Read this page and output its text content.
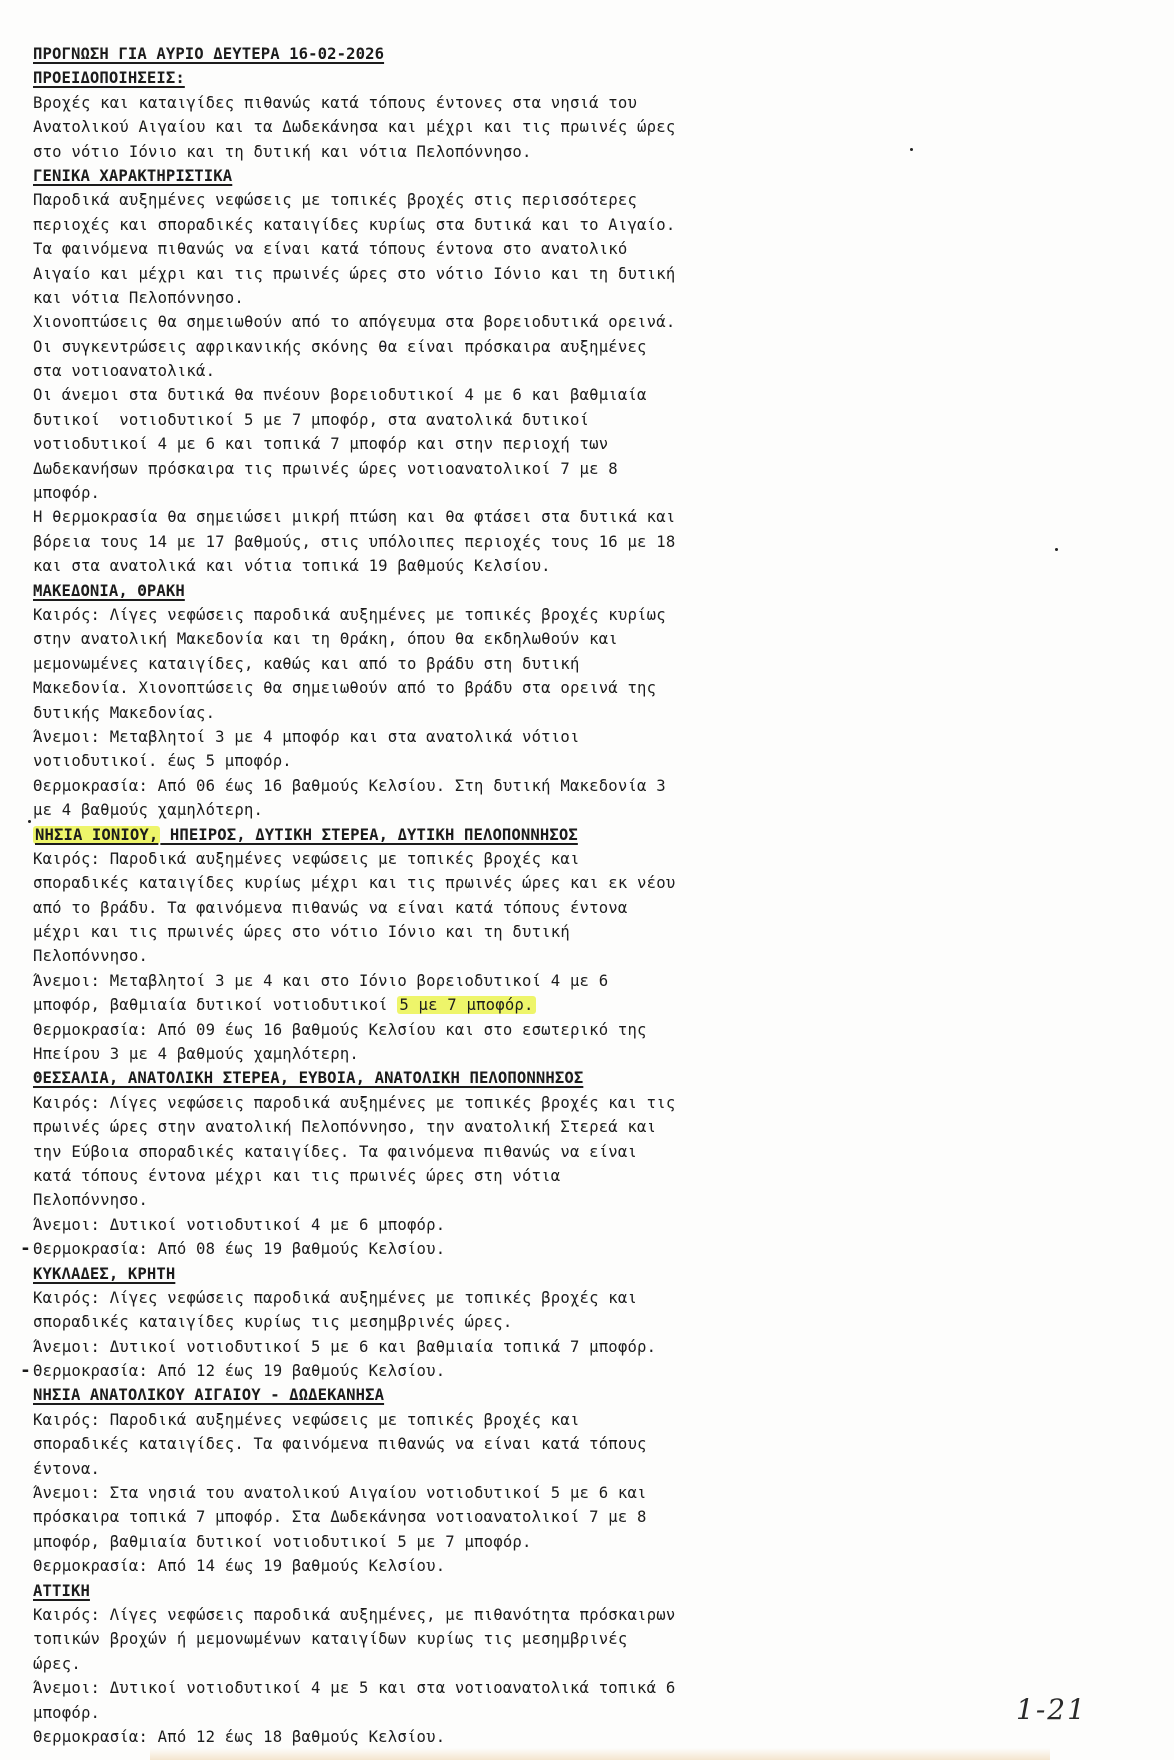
ΠΡΟΓΝΩΣΗ ΓΙΑ ΑΥΡΙΟ ΔΕΥΤΕΡΑ 16-02-2026
ΠΡΟΕΙΔΟΠΟΙΗΣΕΙΣ:
Βροχές και καταιγίδες πιθανώς κατά τόπους έντονες στα νησιά του
Ανατολικού Αιγαίου και τα Δωδεκάνησα και μέχρι και τις πρωινές ώρες
στο νότιο Ιόνιο και τη δυτική και νότια Πελοπόννησο.
ΓΕΝΙΚΑ ΧΑΡΑΚΤΗΡΙΣΤΙΚΑ
Παροδικά αυξημένες νεφώσεις με τοπικές βροχές στις περισσότερες
περιοχές και σποραδικές καταιγίδες κυρίως στα δυτικά και το Αιγαίο.
Τα φαινόμενα πιθανώς να είναι κατά τόπους έντονα στο ανατολικό
Αιγαίο και μέχρι και τις πρωινές ώρες στο νότιο Ιόνιο και τη δυτική
και νότια Πελοπόννησο.
Χιονοπτώσεις θα σημειωθούν από το απόγευμα στα βορειοδυτικά ορεινά.
Οι συγκεντρώσεις αφρικανικής σκόνης θα είναι πρόσκαιρα αυξημένες
στα νοτιοανατολικά.
Οι άνεμοι στα δυτικά θα πνέουν βορειοδυτικοί 4 με 6 και βαθμιαία
δυτικοί  νοτιοδυτικοί 5 με 7 μποφόρ, στα ανατολικά δυτικοί
νοτιοδυτικοί 4 με 6 και τοπικά 7 μποφόρ και στην περιοχή των
Δωδεκανήσων πρόσκαιρα τις πρωινές ώρες νοτιοανατολικοί 7 με 8
μποφόρ.
Η θερμοκρασία θα σημειώσει μικρή πτώση και θα φτάσει στα δυτικά και
βόρεια τους 14 με 17 βαθμούς, στις υπόλοιπες περιοχές τους 16 με 18
και στα ανατολικά και νότια τοπικά 19 βαθμούς Κελσίου.
ΜΑΚΕΔΟΝΙΑ, ΘΡΑΚΗ
Καιρός: Λίγες νεφώσεις παροδικά αυξημένες με τοπικές βροχές κυρίως
στην ανατολική Μακεδονία και τη Θράκη, όπου θα εκδηλωθούν και
μεμονωμένες καταιγίδες, καθώς και από το βράδυ στη δυτική
Μακεδονία. Χιονοπτώσεις θα σημειωθούν από το βράδυ στα ορεινά της
δυτικής Μακεδονίας.
Άνεμοι: Μεταβλητοί 3 με 4 μποφόρ και στα ανατολικά νότιοι
νοτιοδυτικοί. έως 5 μποφόρ.
Θερμοκρασία: Από 06 έως 16 βαθμούς Κελσίου. Στη δυτική Μακεδονία 3
με 4 βαθμούς χαμηλότερη.
ΝΗΣΙΑ ΙΟΝΙΟΥ, ΗΠΕΙΡΟΣ, ΔΥΤΙΚΗ ΣΤΕΡΕΑ, ΔΥΤΙΚΗ ΠΕΛΟΠΟΝΝΗΣΟΣ
Καιρός: Παροδικά αυξημένες νεφώσεις με τοπικές βροχές και
σποραδικές καταιγίδες κυρίως μέχρι και τις πρωινές ώρες και εκ νέου
από το βράδυ. Τα φαινόμενα πιθανώς να είναι κατά τόπους έντονα
μέχρι και τις πρωινές ώρες στο νότιο Ιόνιο και τη δυτική
Πελοπόννησο.
Άνεμοι: Μεταβλητοί 3 με 4 και στο Ιόνιο βορειοδυτικοί 4 με 6
μποφόρ, βαθμιαία δυτικοί νοτιοδυτικοί 5 με 7 μποφόρ.
Θερμοκρασία: Από 09 έως 16 βαθμούς Κελσίου και στο εσωτερικό της
Ηπείρου 3 με 4 βαθμούς χαμηλότερη.
ΘΕΣΣΑΛΙΑ, ΑΝΑΤΟΛΙΚΗ ΣΤΕΡΕΑ, ΕΥΒΟΙΑ, ΑΝΑΤΟΛΙΚΗ ΠΕΛΟΠΟΝΝΗΣΟΣ
Καιρός: Λίγες νεφώσεις παροδικά αυξημένες με τοπικές βροχές και τις
πρωινές ώρες στην ανατολική Πελοπόννησο, την ανατολική Στερεά και
την Εύβοια σποραδικές καταιγίδες. Τα φαινόμενα πιθανώς να είναι
κατά τόπους έντονα μέχρι και τις πρωινές ώρες στη νότια
Πελοπόννησο.
Άνεμοι: Δυτικοί νοτιοδυτικοί 4 με 6 μποφόρ.
Θερμοκρασία: Από 08 έως 19 βαθμούς Κελσίου.
ΚΥΚΛΑΔΕΣ, ΚΡΗΤΗ
Καιρός: Λίγες νεφώσεις παροδικά αυξημένες με τοπικές βροχές και
σποραδικές καταιγίδες κυρίως τις μεσημβρινές ώρες.
Άνεμοι: Δυτικοί νοτιοδυτικοί 5 με 6 και βαθμιαία τοπικά 7 μποφόρ.
Θερμοκρασία: Από 12 έως 19 βαθμούς Κελσίου.
ΝΗΣΙΑ ΑΝΑΤΟΛΙΚΟΥ ΑΙΓΑΙΟΥ - ΔΩΔΕΚΑΝΗΣΑ
Καιρός: Παροδικά αυξημένες νεφώσεις με τοπικές βροχές και
σποραδικές καταιγίδες. Τα φαινόμενα πιθανώς να είναι κατά τόπους
έντονα.
Άνεμοι: Στα νησιά του ανατολικού Αιγαίου νοτιοδυτικοί 5 με 6 και
πρόσκαιρα τοπικά 7 μποφόρ. Στα Δωδεκάνησα νοτιοανατολικοί 7 με 8
μποφόρ, βαθμιαία δυτικοί νοτιοδυτικοί 5 με 7 μποφόρ.
Θερμοκρασία: Από 14 έως 19 βαθμούς Κελσίου.
ΑΤΤΙΚΗ
Καιρός: Λίγες νεφώσεις παροδικά αυξημένες, με πιθανότητα πρόσκαιρων
τοπικών βροχών ή μεμονωμένων καταιγίδων κυρίως τις μεσημβρινές
ώρες.
Άνεμοι: Δυτικοί νοτιοδυτικοί 4 με 5 και στα νοτιοανατολικά τοπικά 6
μποφόρ.
Θερμοκρασία: Από 12 έως 18 βαθμούς Κελσίου.
-
-
1-21
